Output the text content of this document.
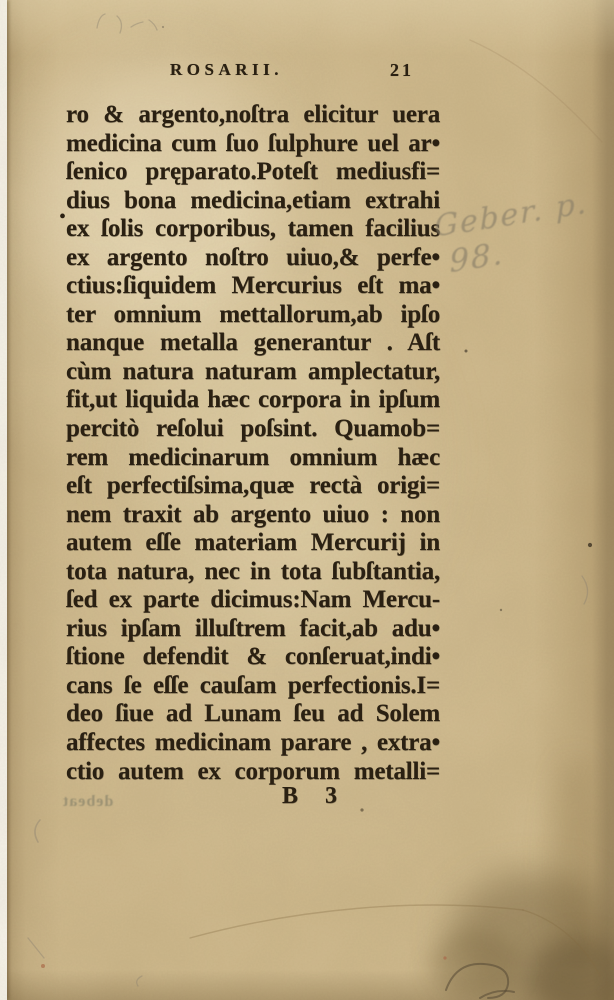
ROSARII.	21
•
ro & argento,noſtra elicitur uera
medicina cum ſuo ſulphure uel ar•
ſenico pręparato.Poteſt mediusfi=
dius bona medicina,etiam extrahi
ex ſolis corporibus, tamen facilius
ex argento noſtro uiuo,& perfe•
ctius:ſiquidem Mercurius eſt ma•
ter omnium mettallorum,ab ipſo
nanque metalla generantur . Aſt
cùm natura naturam amplectatur,
fit,ut liquida hæc corpora in ipſum
percitò reſolui poſsint. Quamob=
rem medicinarum omnium hæc
eſt perfectiſsima,quæ rectà origi=
nem traxit ab argento uiuo : non
autem eſſe materiam Mercurij in
tota natura, nec in tota ſubſtantia,
ſed ex parte dicimus:Nam Mercu-
rius ipſam illuſtrem facit,ab adu•
ſtione defendit & conſeruat,indi•
cans ſe eſſe cauſam perfectionis.I=
deo ſiue ad Lunam ſeu ad Solem
affectes medicinam parare , extra•
ctio autem ex corporum metalli=
B 3
Geber. p.
98.
debeat
